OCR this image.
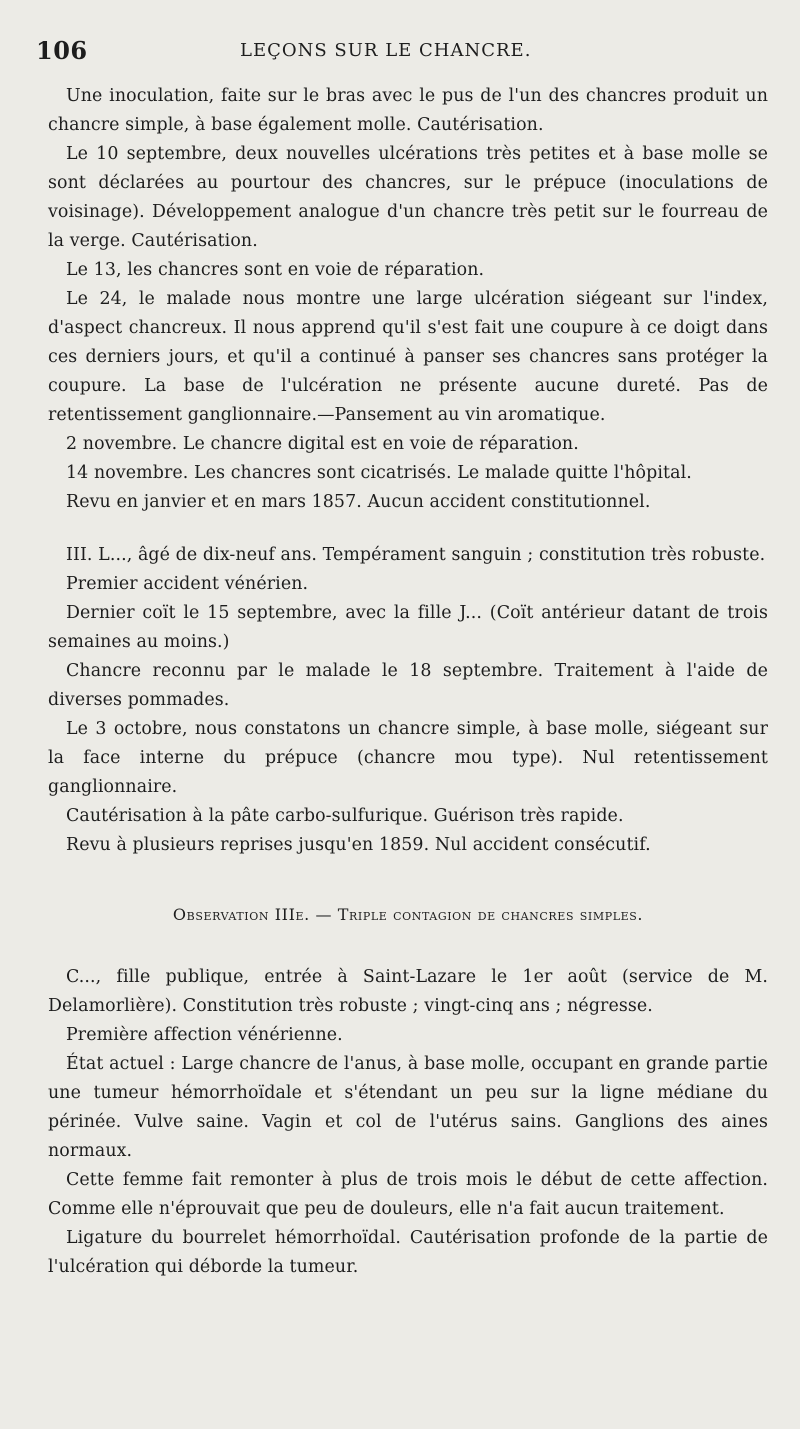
106	LEÇONS SUR LE CHANCRE.

Une inoculation, faite sur le bras avec le pus de l'un des chancres produit un chancre simple, à base également molle. Cautérisation.

Le 10 septembre, deux nouvelles ulcérations très petites et à base molle se sont déclarées au pourtour des chancres, sur le prépuce (inoculations de voisinage). Développement analogue d'un chancre très petit sur le fourreau de la verge. Cautérisation.

Le 13, les chancres sont en voie de réparation.

Le 24, le malade nous montre une large ulcération siégeant sur l'index, d'aspect chancreux. Il nous apprend qu'il s'est fait une coupure à ce doigt dans ces derniers jours, et qu'il a continué à panser ses chancres sans protéger la coupure. La base de l'ulcération ne présente aucune dureté. Pas de retentissement ganglionnaire.—Pansement au vin aromatique.

2 novembre. Le chancre digital est en voie de réparation.

14 novembre. Les chancres sont cicatrisés. Le malade quitte l'hôpital.

Revu en janvier et en mars 1857. Aucun accident constitutionnel.

III. L..., âgé de dix-neuf ans. Tempérament sanguin ; constitution très robuste.

Premier accident vénérien.

Dernier coït le 15 septembre, avec la fille J... (Coït antérieur datant de trois semaines au moins.)

Chancre reconnu par le malade le 18 septembre. Traitement à l'aide de diverses pommades.

Le 3 octobre, nous constatons un chancre simple, à base molle, siégeant sur la face interne du prépuce (chancre mou type). Nul retentissement ganglionnaire.

Cautérisation à la pâte carbo-sulfurique. Guérison très rapide.

Revu à plusieurs reprises jusqu'en 1859. Nul accident consécutif.

Observation IIIe. — Triple contagion de chancres simples.

C..., fille publique, entrée à Saint-Lazare le 1er août (service de M. Delamorlière). Constitution très robuste ; vingt-cinq ans ; négresse.

Première affection vénérienne.

État actuel : Large chancre de l'anus, à base molle, occupant en grande partie une tumeur hémorrhoïdale et s'étendant un peu sur la ligne médiane du périnée. Vulve saine. Vagin et col de l'utérus sains. Ganglions des aines normaux.

Cette femme fait remonter à plus de trois mois le début de cette affection. Comme elle n'éprouvait que peu de douleurs, elle n'a fait aucun traitement.

Ligature du bourrelet hémorrhoïdal. Cautérisation profonde de la partie de l'ulcération qui déborde la tumeur.
